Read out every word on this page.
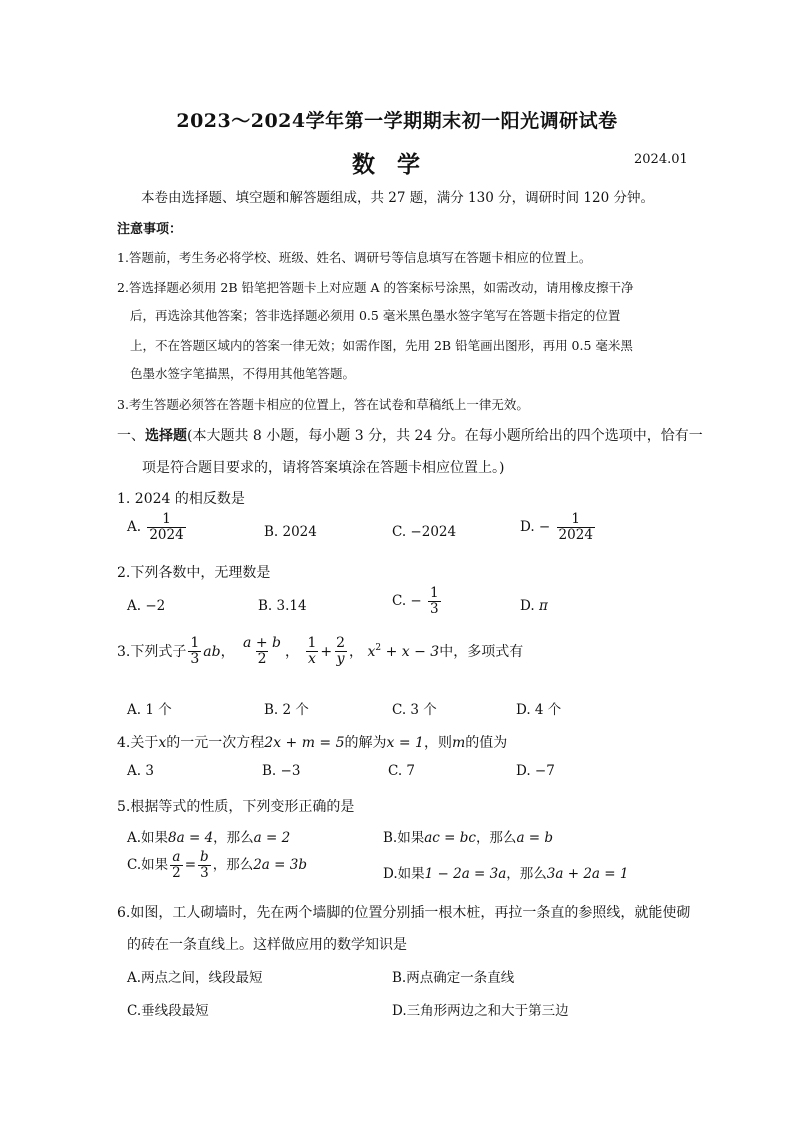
2023～2024学年第一学期期末初一阳光调研试卷
数学	2024.01
本卷由选择题、填空题和解答题组成，共 27 题，满分 130 分，调研时间 120 分钟。
注意事项：
1.答题前，考生务必将学校、班级、姓名、调研号等信息填写在答题卡相应的位置上。
2.答选择题必须用 2B 铅笔把答题卡上对应题 A 的答案标号涂黑，如需改动，请用橡皮擦干净
后，再选涂其他答案；答非选择题必须用 0.5 毫米黑色墨水签字笔写在答题卡指定的位置
上，不在答题区域内的答案一律无效；如需作图，先用 2B 铅笔画出图形，再用 0.5 毫米黑
色墨水签字笔描黑，不得用其他笔答题。
3.考生答题必须答在答题卡相应的位置上，答在试卷和草稿纸上一律无效。
一、选择题(本大题共 8 小题，每小题 3 分，共 24 分。在每小题所给出的四个选项中，恰有一
项是符合题目要求的，请将答案填涂在答题卡相应位置上。)
1. 2024 的相反数是
A. $\frac{1}{2024}$	B. 2024	C. −2024	D. − $\frac{1}{2024}$
2.下列各数中，无理数是
A. −2	B. 3.14	C. − $\frac{1}{3}$	D. π
3.下列式子 $\frac{1}{3}$ ab， $\frac{a + b}{2}$ ， $\frac{1}{x} + \frac{2}{y}$ ， $x^2 + x - 3$中，多项式有
A. 1 个	B. 2 个	C. 3 个	D. 4 个
4.关于x的一元一次方程2x + m = 5的解为x = 1，则m的值为
A. 3	B. −3	C. 7	D. −7
5.根据等式的性质，下列变形正确的是
A.如果8a = 4，那么a = 2	B.如果ac = bc，那么a = b
C.如果 $\frac{a}{2} = \frac{b}{3}$ ，那么2a = 3b
D.如果1 − 2a = 3a，那么3a + 2a = 1
6.如图，工人砌墙时，先在两个墙脚的位置分别插一根木桩，再拉一条直的参照线，就能使砌
的砖在一条直线上。这样做应用的数学知识是
A.两点之间，线段最短	B.两点确定一条直线
C.垂线段最短	D.三角形两边之和大于第三边
